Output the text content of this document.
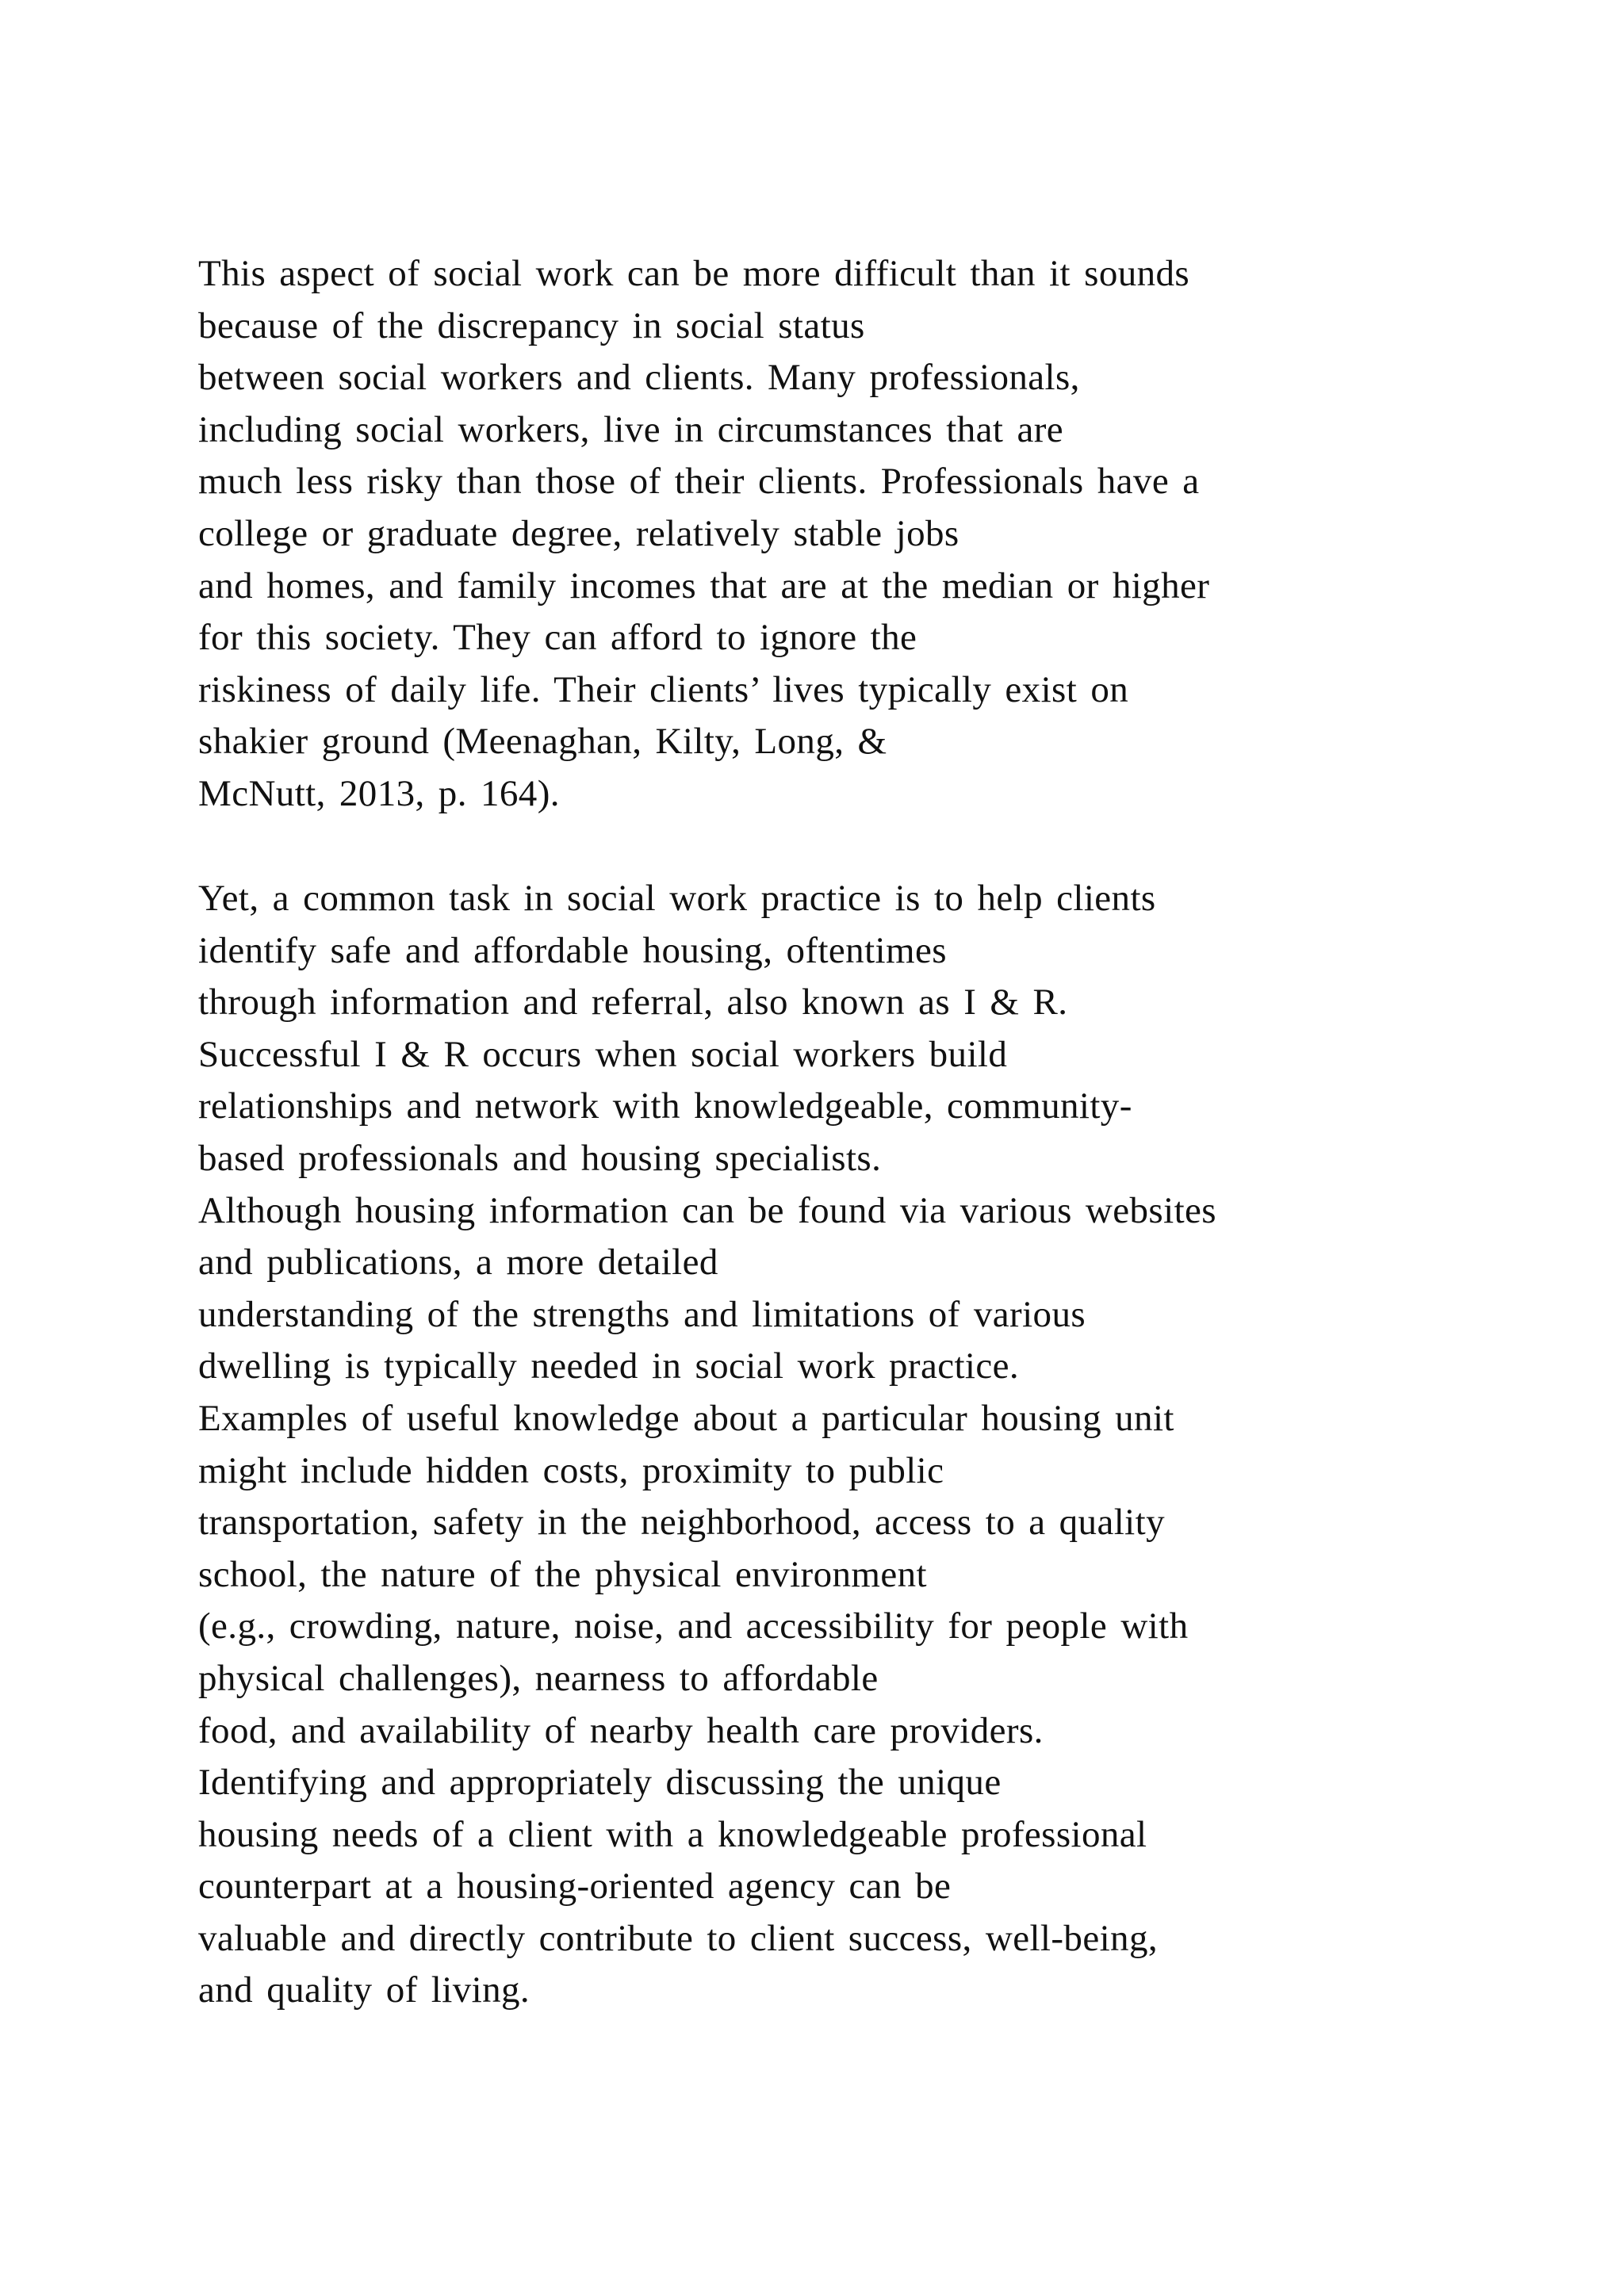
This aspect of social work can be more difficult than it sounds
because of the discrepancy in social status
between social workers and clients. Many professionals,
including social workers, live in circumstances that are
much less risky than those of their clients. Professionals have a
college or graduate degree, relatively stable jobs
and homes, and family incomes that are at the median or higher
for this society. They can afford to ignore the
riskiness of daily life. Their clients’ lives typically exist on
shakier ground (Meenaghan, Kilty, Long, &
McNutt, 2013, p. 164).
Yet, a common task in social work practice is to help clients
identify safe and affordable housing, oftentimes
through information and referral, also known as I & R.
Successful I & R occurs when social workers build
relationships and network with knowledgeable, community-
based professionals and housing specialists.
Although housing information can be found via various websites
and publications, a more detailed
understanding of the strengths and limitations of various
dwelling is typically needed in social work practice.
Examples of useful knowledge about a particular housing unit
might include hidden costs, proximity to public
transportation, safety in the neighborhood, access to a quality
school, the nature of the physical environment
(e.g., crowding, nature, noise, and accessibility for people with
physical challenges), nearness to affordable
food, and availability of nearby health care providers.
Identifying and appropriately discussing the unique
housing needs of a client with a knowledgeable professional
counterpart at a housing-oriented agency can be
valuable and directly contribute to client success, well-being,
and quality of living.
